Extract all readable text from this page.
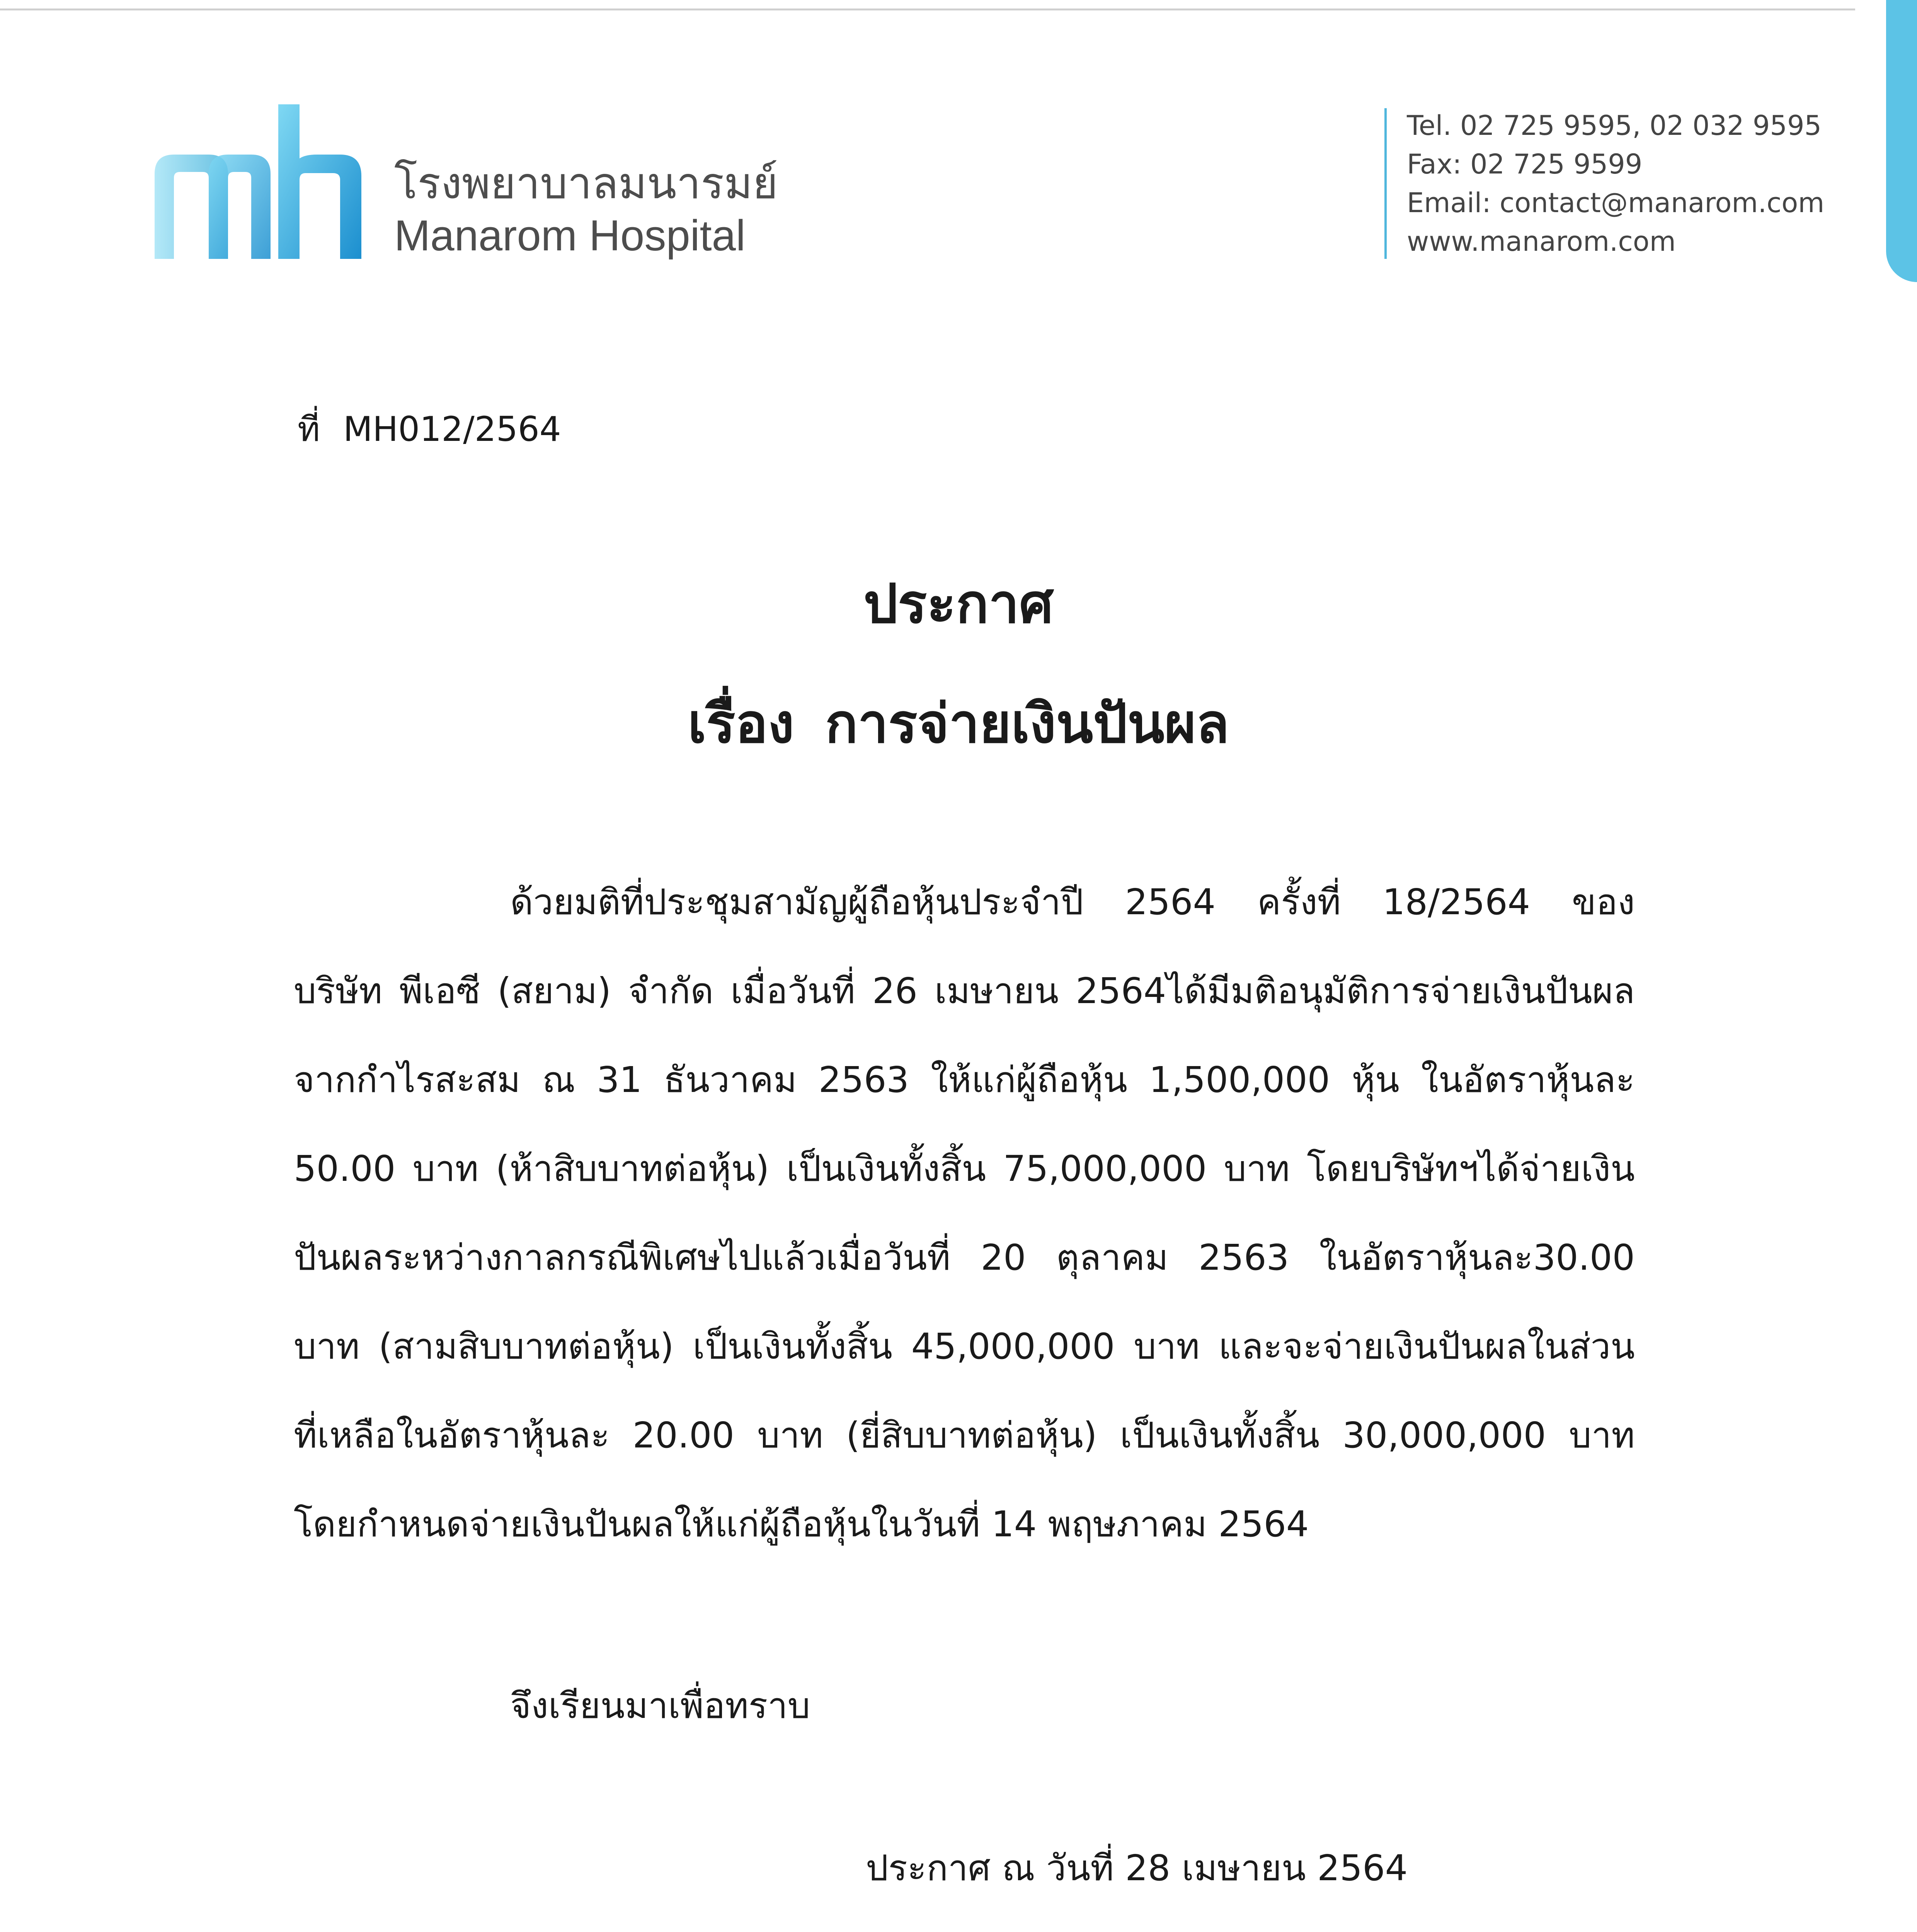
โรงพยาบาลมนารมย์
Manarom Hospital
Tel. 02 725 9595, 02 032 9595
Fax: 02 725 9599
Email: contact@manarom.com
www.manarom.com
ที่ MH012/2564
ประกาศ
เรื่อง การจ่ายเงินปันผล
ด้วยมติที่ประชุมสามัญผู้ถือหุ้นประจำปี 2564 ครั้งที่ 18/2564 ของ
บริษัท พีเอซี (สยาม) จำกัด เมื่อวันที่ 26 เมษายน 2564ได้มีมติอนุมัติการจ่ายเงินปันผล
จากกำไรสะสม ณ 31 ธันวาคม 2563 ให้แก่ผู้ถือหุ้น 1,500,000 หุ้น ในอัตราหุ้นละ
50.00 บาท (ห้าสิบบาทต่อหุ้น) เป็นเงินทั้งสิ้น 75,000,000 บาท โดยบริษัทฯได้จ่ายเงิน
ปันผลระหว่างกาลกรณีพิเศษไปแล้วเมื่อวันที่ 20 ตุลาคม 2563 ในอัตราหุ้นละ30.00
บาท (สามสิบบาทต่อหุ้น) เป็นเงินทั้งสิ้น 45,000,000 บาท และจะจ่ายเงินปันผลในส่วน
ที่เหลือในอัตราหุ้นละ 20.00 บาท (ยี่สิบบาทต่อหุ้น) เป็นเงินทั้งสิ้น 30,000,000 บาท
โดยกำหนดจ่ายเงินปันผลให้แก่ผู้ถือหุ้นในวันที่ 14 พฤษภาคม 2564
จึงเรียนมาเพื่อทราบ
ประกาศ ณ วันที่ 28 เมษายน 2564
